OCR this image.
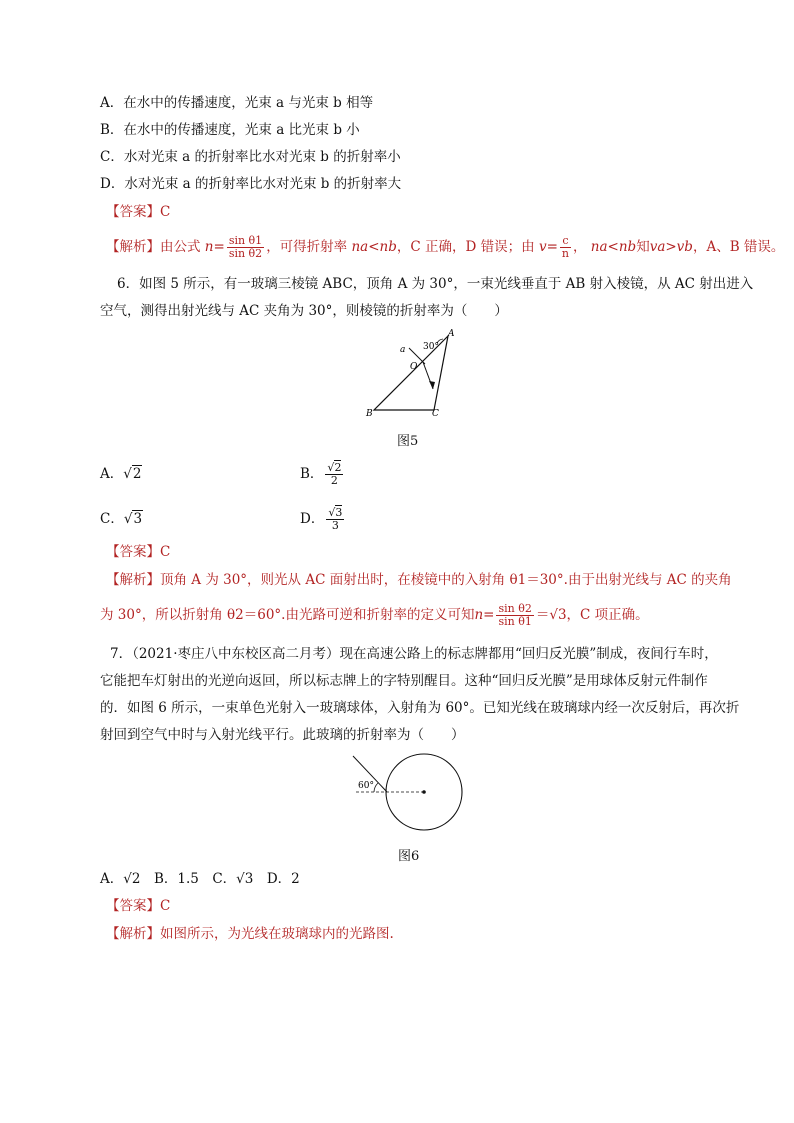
A．在水中的传播速度，光束 a 与光束 b 相等
B．在水中的传播速度，光束 a 比光束 b 小
C．水对光束 a 的折射率比水对光束 b 的折射率小
D．水对光束 a 的折射率比水对光束 b 的折射率大
【答案】C
【解析】由公式 $n= \frac{\text{sin θ1}}{\text{sin θ2}}$ ，可得折射率 na<nb，C 正确，D 错误；由 $v= \frac{c}{n}$ ， na<nb知va>vb，A、B 错误。
6．如图 5 所示，有一玻璃三棱镜 ABC，顶角 A 为 30°，一束光线垂直于 AB 射入棱镜，从 AC 射出进入
空气，测得出射光线与 AC 夹角为 30°，则棱镜的折射率为（　　）
a 30°
A
O
B	C
图5
A．√2	B． $\frac{√2}{2}$
C．√3	D． $\frac{√3}{3}$
【答案】C
【解析】顶角 A 为 30°，则光从 AC 面射出时，在棱镜中的入射角 θ1＝30°.由于出射光线与 AC 的夹角
为 30°，所以折射角 θ2＝60°.由光路可逆和折射率的定义可知$n= \frac{\text{sin θ2}}{\text{sin θ1}} =√3$，C 项正确。
7．（2021·枣庄八中东校区高二月考）现在高速公路上的标志牌都用“回归反光膜”制成，夜间行车时，
它能把车灯射出的光逆向返回，所以标志牌上的字特别醒目。这种“回归反光膜”是用球体反射元件制作
的．如图 6 所示，一束单色光射入一玻璃球体，入射角为 60°。已知光线在玻璃球内经一次反射后，再次折
射回到空气中时与入射光线平行。此玻璃的折射率为（　　）
60°
图6
A．√2　B．1.5　C．√3　D．2
【答案】C
【解析】如图所示，为光线在玻璃球内的光路图.
